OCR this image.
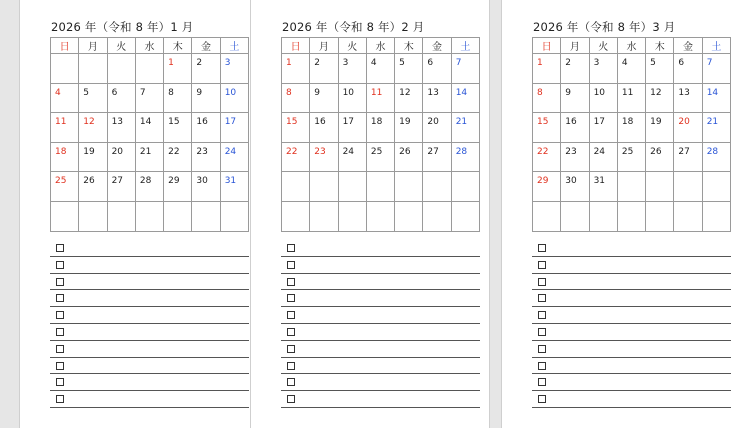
2026 年（令和 8 年）1 月
日	月	火	水	木	金	土
				1	2	3
4	5	6	7	8	9	10
11	12	13	14	15	16	17
18	19	20	21	22	23	24
25	26	27	28	29	30	31

2026 年（令和 8 年）2 月
日	月	火	水	木	金	土
1	2	3	4	5	6	7
8	9	10	11	12	13	14
15	16	17	18	19	20	21
22	23	24	25	26	27	28

2026 年（令和 8 年）3 月
日	月	火	水	木	金	土
1	2	3	4	5	6	7
8	9	10	11	12	13	14
15	16	17	18	19	20	21
22	23	24	25	26	27	28
29	30	31				
